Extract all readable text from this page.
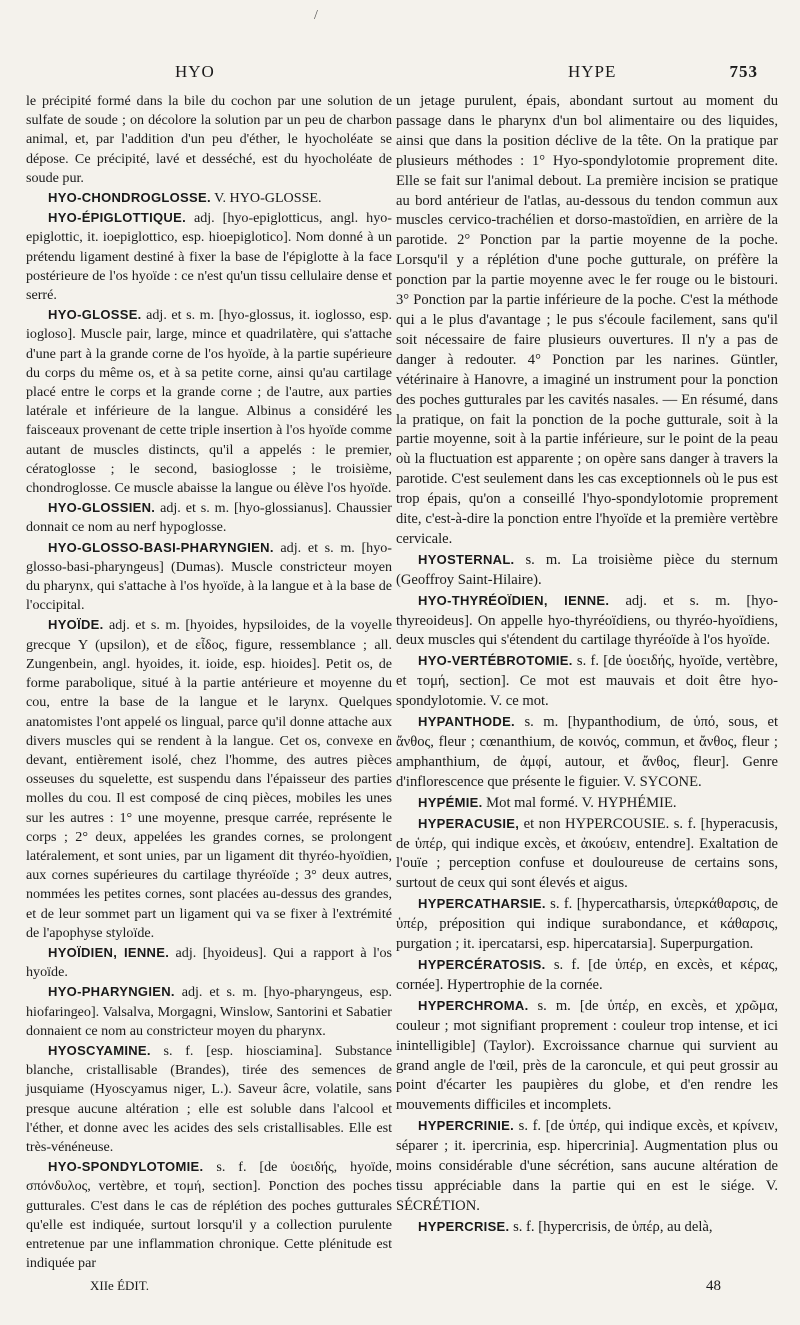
/
HYO	HYPE	753

le précipité formé dans la bile du cochon par une solution de sulfate de soude ; on décolore la solution par un peu de charbon animal, et, par l'addition d'un peu d'éther, le hyocholéate se dépose. Ce précipité, lavé et desséché, est du hyocholéate de soude pur.

HYO-CHONDROGLOSSE. V. HYO-GLOSSE.

HYO-ÉPIGLOTTIQUE. adj. [hyo-epiglotticus, angl. hyo-epiglottic, it. ioepiglottico, esp. hioepiglotico]. Nom donné à un prétendu ligament destiné à fixer la base de l'épiglotte à la face postérieure de l'os hyoïde : ce n'est qu'un tissu cellulaire dense et serré.

HYO-GLOSSE. adj. et s. m. [hyo-glossus, it. ioglosso, esp. iogloso]. Muscle pair, large, mince et quadrilatère, qui s'attache d'une part à la grande corne de l'os hyoïde, à la partie supérieure du corps du même os, et à sa petite corne, ainsi qu'au cartilage placé entre le corps et la grande corne ; de l'autre, aux parties latérale et inférieure de la langue. Albinus a considéré les faisceaux provenant de cette triple insertion à l'os hyoïde comme autant de muscles distincts, qu'il a appelés : le premier, cératoglosse ; le second, basioglosse ; le troisième, chondroglosse. Ce muscle abaisse la langue ou élève l'os hyoïde.

HYO-GLOSSIEN. adj. et s. m. [hyo-glossianus]. Chaussier donnait ce nom au nerf hypoglosse.

HYO-GLOSSO-BASI-PHARYNGIEN. adj. et s. m. [hyo-glosso-basi-pharyngeus] (Dumas). Muscle constricteur moyen du pharynx, qui s'attache à l'os hyoïde, à la langue et à la base de l'occipital.

HYOÏDE. adj. et s. m. [hyoides, hypsiloides, de la voyelle grecque Υ (upsilon), et de εἶδος, figure, ressemblance ; all. Zungenbein, angl. hyoides, it. ioide, esp. hioides]. Petit os, de forme parabolique, situé à la partie antérieure et moyenne du cou, entre la base de la langue et le larynx. Quelques anatomistes l'ont appelé os lingual, parce qu'il donne attache aux divers muscles qui se rendent à la langue. Cet os, convexe en devant, entièrement isolé, chez l'homme, des autres pièces osseuses du squelette, est suspendu dans l'épaisseur des parties molles du cou. Il est composé de cinq pièces, mobiles les unes sur les autres : 1° une moyenne, presque carrée, représente le corps ; 2° deux, appelées les grandes cornes, se prolongent latéralement, et sont unies, par un ligament dit thyréo-hyoïdien, aux cornes supérieures du cartilage thyréoïde ; 3° deux autres, nommées les petites cornes, sont placées au-dessus des grandes, et de leur sommet part un ligament qui va se fixer à l'extrémité de l'apophyse styloïde.

HYOÏDIEN, IENNE. adj. [hyoideus]. Qui a rapport à l'os hyoïde.

HYO-PHARYNGIEN. adj. et s. m. [hyo-pharyngeus, esp. hiofaringeo]. Valsalva, Morgagni, Winslow, Santorini et Sabatier donnaient ce nom au constricteur moyen du pharynx.

HYOSCYAMINE. s. f. [esp. hiosciamina]. Substance blanche, cristallisable (Brandes), tirée des semences de jusquiame (Hyoscyamus niger, L.). Saveur âcre, volatile, sans presque aucune altération ; elle est soluble dans l'alcool et l'éther, et donne avec les acides des sels cristallisables. Elle est très-vénéneuse.

HYO-SPONDYLOTOMIE. s. f. [de ὑοειδής, hyoïde, σπόνδυλος, vertèbre, et τομή, section]. Ponction des poches gutturales. C'est dans le cas de réplétion des poches gutturales qu'elle est indiquée, surtout lorsqu'il y a collection purulente entretenue par une inflammation chronique. Cette plénitude est indiquée par

un jetage purulent, épais, abondant surtout au moment du passage dans le pharynx d'un bol alimentaire ou des liquides, ainsi que dans la position déclive de la tête. On la pratique par plusieurs méthodes : 1° Hyo-spondylotomie proprement dite. Elle se fait sur l'animal debout. La première incision se pratique au bord antérieur de l'atlas, au-dessous du tendon commun aux muscles cervico-trachélien et dorso-mastoïdien, en arrière de la parotide. 2° Ponction par la partie moyenne de la poche. Lorsqu'il y a réplétion d'une poche gutturale, on préfère la ponction par la partie moyenne avec le fer rouge ou le bistouri. 3° Ponction par la partie inférieure de la poche. C'est la méthode qui a le plus d'avantage ; le pus s'écoule facilement, sans qu'il soit nécessaire de faire plusieurs ouvertures. Il n'y a pas de danger à redouter. 4° Ponction par les narines. Güntler, vétérinaire à Hanovre, a imaginé un instrument pour la ponction des poches gutturales par les cavités nasales. — En résumé, dans la pratique, on fait la ponction de la poche gutturale, soit à la partie moyenne, soit à la partie inférieure, sur le point de la peau où la fluctuation est apparente ; on opère sans danger à travers la parotide. C'est seulement dans les cas exceptionnels où le pus est trop épais, qu'on a conseillé l'hyo-spondylotomie proprement dite, c'est-à-dire la ponction entre l'hyoïde et la première vertèbre cervicale.

HYOSTERNAL. s. m. La troisième pièce du sternum (Geoffroy Saint-Hilaire).

HYO-THYRÉOÏDIEN, IENNE. adj. et s. m. [hyo-thyreoideus]. On appelle hyo-thyréoïdiens, ou thyréo-hyoïdiens, deux muscles qui s'étendent du cartilage thyréoïde à l'os hyoïde.

HYO-VERTÉBROTOMIE. s. f. [de ὑοειδής, hyoïde, vertèbre, et τομή, section]. Ce mot est mauvais et doit être hyo-spondylotomie. V. ce mot.

HYPANTHODE. s. m. [hypanthodium, de ὑπό, sous, et ἄνθος, fleur ; cœnanthium, de κοινός, commun, et ἄνθος, fleur ; amphanthium, de ἀμφί, autour, et ἄνθος, fleur]. Genre d'inflorescence que présente le figuier. V. SYCONE.

HYPÉMIE. Mot mal formé. V. HYPHÉMIE.

HYPERACUSIE, et non HYPERCOUSIE. s. f. [hyperacusis, de ὑπέρ, qui indique excès, et ἀκούειν, entendre]. Exaltation de l'ouïe ; perception confuse et douloureuse de certains sons, surtout de ceux qui sont élevés et aigus.

HYPERCATHARSIE. s. f. [hypercatharsis, ὑπερκάθαρσις, de ὑπέρ, préposition qui indique surabondance, et κάθαρσις, purgation ; it. ipercatarsi, esp. hipercatarsia]. Superpurgation.

HYPERCÉRATOSIS. s. f. [de ὑπέρ, en excès, et κέρας, cornée]. Hypertrophie de la cornée.

HYPERCHROMA. s. m. [de ὑπέρ, en excès, et χρῶμα, couleur ; mot signifiant proprement : couleur trop intense, et ici inintelligible] (Taylor). Excroissance charnue qui survient au grand angle de l'œil, près de la caroncule, et qui peut grossir au point d'écarter les paupières du globe, et d'en rendre les mouvements difficiles et incomplets.

HYPERCRINIE. s. f. [de ὑπέρ, qui indique excès, et κρίνειν, séparer ; it. ipercrinia, esp. hipercrinia]. Augmentation plus ou moins considérable d'une sécrétion, sans aucune altération de tissu appréciable dans la partie qui en est le siége. V. SÉCRÉTION.

HYPERCRISE. s. f. [hypercrisis, de ὑπέρ, au delà,

XIIe ÉDIT.	48
